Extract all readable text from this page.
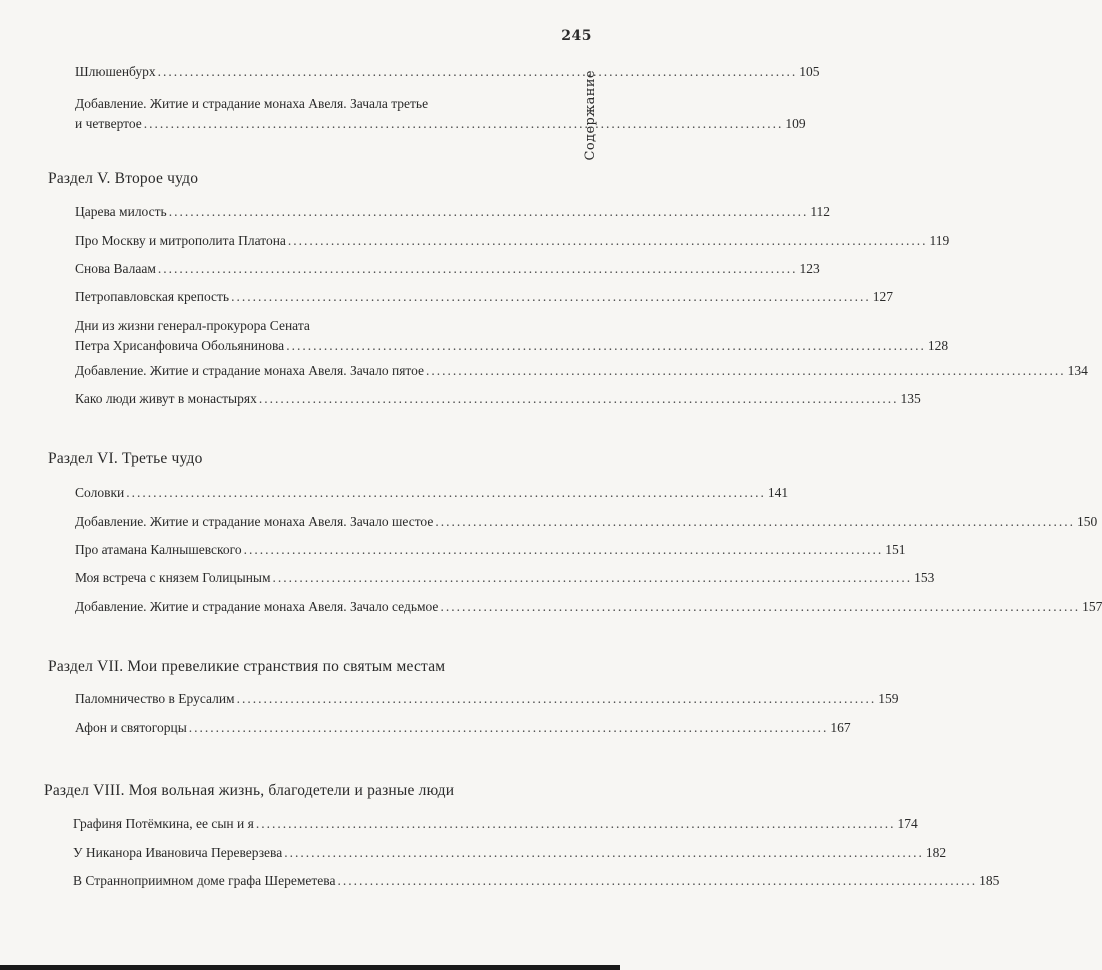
245
Содержание
Шлюшенбурх ....................................................................................................................... 105
Добавление. Житие и страдание монаха Авеля. Зачала третье
и четвертое ....................................................................................................................... 109
Раздел V. Второе чудо
Царева милость ....................................................................................................................... 112
Про Москву и митрополита Платона ....................................................................................................................... 119
Снова Валаам ....................................................................................................................... 123
Петропавловская крепость ....................................................................................................................... 127
Дни из жизни генерал-прокурора Сената
Петра Хрисанфовича Обольянинова ....................................................................................................................... 128
Добавление. Житие и страдание монаха Авеля. Зачало пятое ....................................................................................................................... 134
Како люди живут в монастырях ....................................................................................................................... 135
Раздел VI. Третье чудо
Соловки ....................................................................................................................... 141
Добавление. Житие и страдание монаха Авеля. Зачало шестое ....................................................................................................................... 150
Про атамана Калнышевского ....................................................................................................................... 151
Моя встреча с князем Голицыным ....................................................................................................................... 153
Добавление. Житие и страдание монаха Авеля. Зачало седьмое ....................................................................................................................... 157
Раздел VII. Мои превеликие странствия по святым местам
Паломничество в Ерусалим ....................................................................................................................... 159
Афон и святогорцы ....................................................................................................................... 167
Раздел VIII. Моя вольная жизнь, благодетели и разные люди
Графиня Потёмкина, ее сын и я ....................................................................................................................... 174
У Никанора Ивановича Переверзева ....................................................................................................................... 182
В Странноприимном доме графа Шереметева ....................................................................................................................... 185
